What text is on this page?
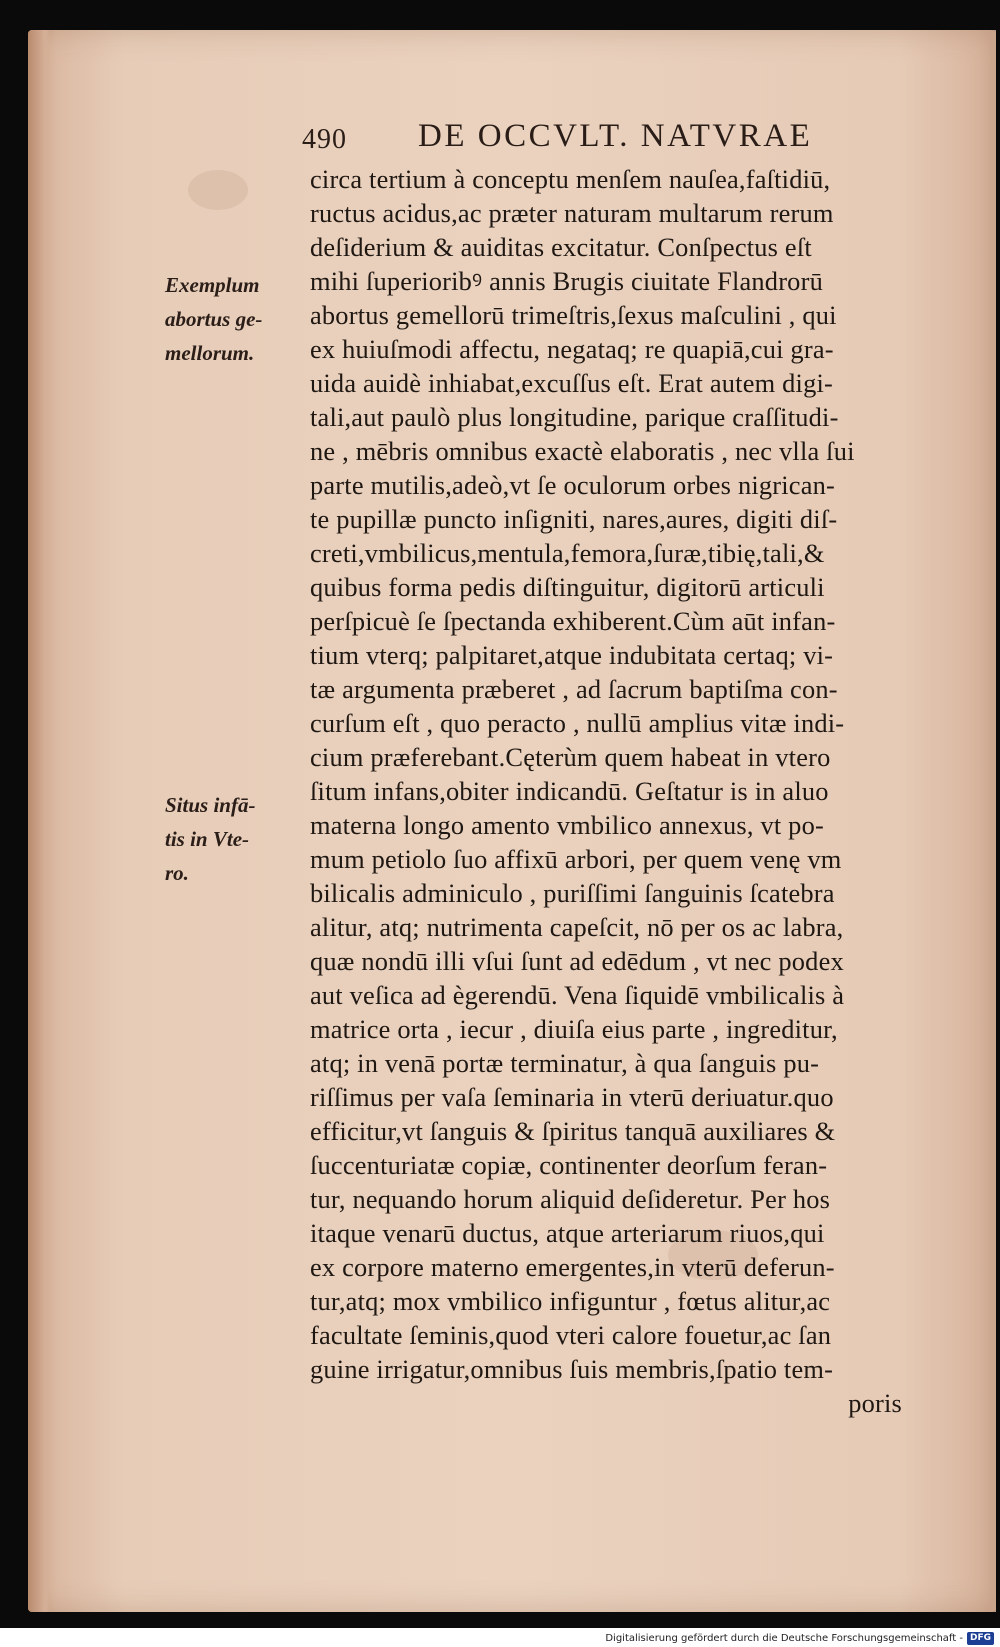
490 DE OCCVLT. NATVRAE
Exemplum
abortus ge-
mellorum.
Situs infā-
tis in Vte-
ro.
circa tertium à conceptu menſem nauſea,faſtidiū,
ructus acidus,ac præter naturam multarum rerum
deſiderium & auiditas excitatur. Conſpectus eſt
mihi ſuperioribꝰ annis Brugis ciuitate Flandrorū
abortus gemellorū trimeſtris,ſexus maſculini , qui
ex huiuſmodi affectu, negataq; re quapiā,cui gra-
uida auidè inhiabat,excuſſus eſt. Erat autem digi-
tali,aut paulò plus longitudine, parique craſſitudi-
ne , mēbris omnibus exactè elaboratis , nec vlla ſui
parte mutilis,adeò,vt ſe oculorum orbes nigrican-
te pupillæ puncto inſigniti, nares,aures, digiti diſ-
creti,vmbilicus,mentula,femora,ſuræ,tibię,tali,&
quibus forma pedis diſtinguitur, digitorū articuli
perſpicuè ſe ſpectanda exhiberent.Cùm aūt infan-
tium vterq; palpitaret,atque indubitata certaq; vi-
tæ argumenta præberet , ad ſacrum baptiſma con-
curſum eſt , quo peracto , nullū amplius vitæ indi-
cium præferebant.Cęterùm quem habeat in vtero
ſitum infans,obiter indicandū. Geſtatur is in aluo
materna longo amento vmbilico annexus, vt po-
mum petiolo ſuo affixū arbori, per quem venę vm
bilicalis adminiculo , puriſſimi ſanguinis ſcatebra
alitur, atq; nutrimenta capeſcit, nō per os ac labra,
quæ nondū illi vſui ſunt ad edēdum , vt nec podex
aut veſica ad ègerendū. Vena ſiquidē vmbilicalis à
matrice orta , iecur , diuiſa eius parte , ingreditur,
atq; in venā portæ terminatur, à qua ſanguis pu-
riſſimus per vaſa ſeminaria in vterū deriuatur.quo
efficitur,vt ſanguis & ſpiritus tanquā auxiliares &
ſuccenturiatæ copiæ, continenter deorſum feran-
tur, nequando horum aliquid deſideretur. Per hos
itaque venarū ductus, atque arteriarum riuos,qui
ex corpore materno emergentes,in vterū deferun-
tur,atq; mox vmbilico infiguntur , fœtus alitur,ac
facultate ſeminis,quod vteri calore fouetur,ac ſan
guine irrigatur,omnibus ſuis membris,ſpatio tem-
poris
Digitalisierung gefördert durch die Deutsche Forschungsgemeinschaft - DFG
